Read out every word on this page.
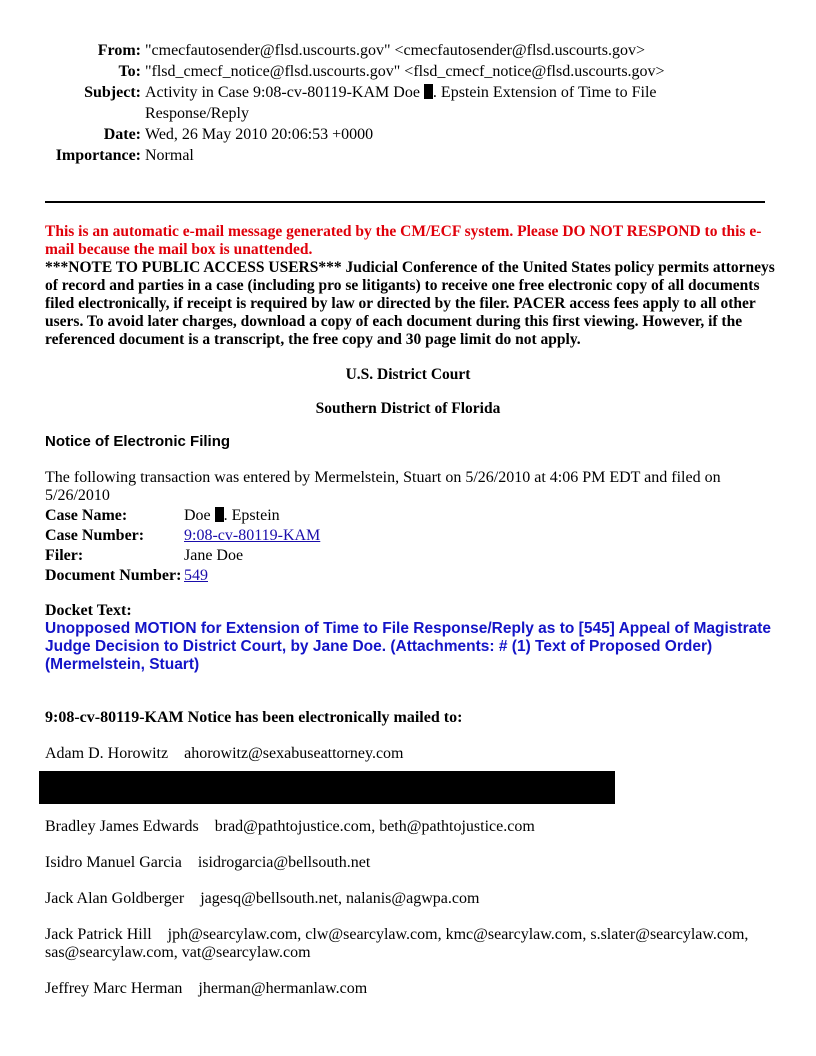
From: "cmecfautosender@flsd.uscourts.gov" <cmecfautosender@flsd.uscourts.gov>
To: "flsd_cmecf_notice@flsd.uscourts.gov" <flsd_cmecf_notice@flsd.uscourts.gov>
Subject: Activity in Case 9:08-cv-80119-KAM Doe . Epstein Extension of Time to File Response/Reply
Date: Wed, 26 May 2010 20:06:53 +0000
Importance: Normal
This is an automatic e-mail message generated by the CM/ECF system. Please DO NOT RESPOND to this e-mail because the mail box is unattended.
***NOTE TO PUBLIC ACCESS USERS*** Judicial Conference of the United States policy permits attorneys of record and parties in a case (including pro se litigants) to receive one free electronic copy of all documents filed electronically, if receipt is required by law or directed by the filer. PACER access fees apply to all other users. To avoid later charges, download a copy of each document during this first viewing. However, if the referenced document is a transcript, the free copy and 30 page limit do not apply.
U.S. District Court
Southern District of Florida
Notice of Electronic Filing
The following transaction was entered by Mermelstein, Stuart on 5/26/2010 at 4:06 PM EDT and filed on 5/26/2010
Case Name:	Doe . Epstein
Case Number:	9:08-cv-80119-KAM
Filer:	Jane Doe
Document Number: 549
Docket Text:
Unopposed MOTION for Extension of Time to File Response/Reply as to [545] Appeal of Magistrate Judge Decision to District Court, by Jane Doe. (Attachments: # (1) Text of Proposed Order)(Mermelstein, Stuart)
9:08-cv-80119-KAM Notice has been electronically mailed to:
Adam D. Horowitz ahorowitz@sexabuseattorney.com
Bradley James Edwards brad@pathtojustice.com, beth@pathtojustice.com
Isidro Manuel Garcia isidrogarcia@bellsouth.net
Jack Alan Goldberger jagesq@bellsouth.net, nalanis@agwpa.com
Jack Patrick Hill jph@searcylaw.com, clw@searcylaw.com, kmc@searcylaw.com, s.slater@searcylaw.com, sas@searcylaw.com, vat@searcylaw.com
Jeffrey Marc Herman jherman@hermanlaw.com
